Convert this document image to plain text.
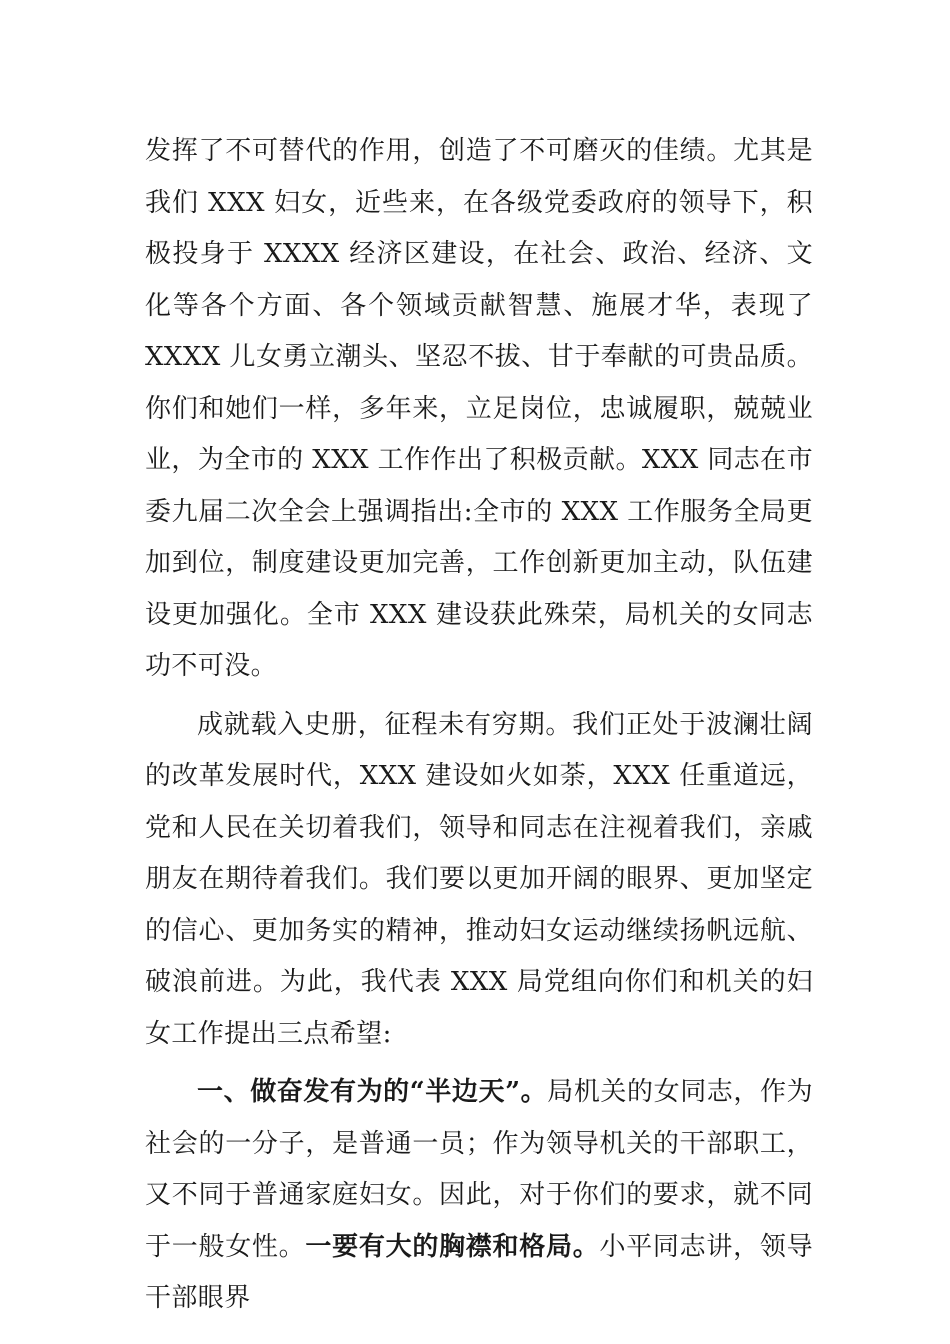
发挥了不可替代的作用，创造了不可磨灭的佳绩。尤其是我们 XXX 妇女，近些来，在各级党委政府的领导下，积极投身于 XXXX 经济区建设，在社会、政治、经济、文化等各个方面、各个领域贡献智慧、施展才华，表现了 XXXX 儿女勇立潮头、坚忍不拔、甘于奉献的可贵品质。你们和她们一样，多年来，立足岗位，忠诚履职，兢兢业业，为全市的 XXX 工作作出了积极贡献。XXX 同志在市委九届二次全会上强调指出:全市的 XXX 工作服务全局更加到位，制度建设更加完善，工作创新更加主动，队伍建设更加强化。全市 XXX 建设获此殊荣，局机关的女同志功不可没。

成就载入史册，征程未有穷期。我们正处于波澜壮阔的改革发展时代，XXX 建设如火如荼，XXX 任重道远，党和人民在关切着我们，领导和同志在注视着我们，亲戚朋友在期待着我们。我们要以更加开阔的眼界、更加坚定的信心、更加务实的精神，推动妇女运动继续扬帆远航、破浪前进。为此，我代表 XXX 局党组向你们和机关的妇女工作提出三点希望:

一、做奋发有为的“半边天”。局机关的女同志，作为社会的一分子，是普通一员；作为领导机关的干部职工，又不同于普通家庭妇女。因此，对于你们的要求，就不同于一般女性。一要有大的胸襟和格局。小平同志讲，领导干部眼界
